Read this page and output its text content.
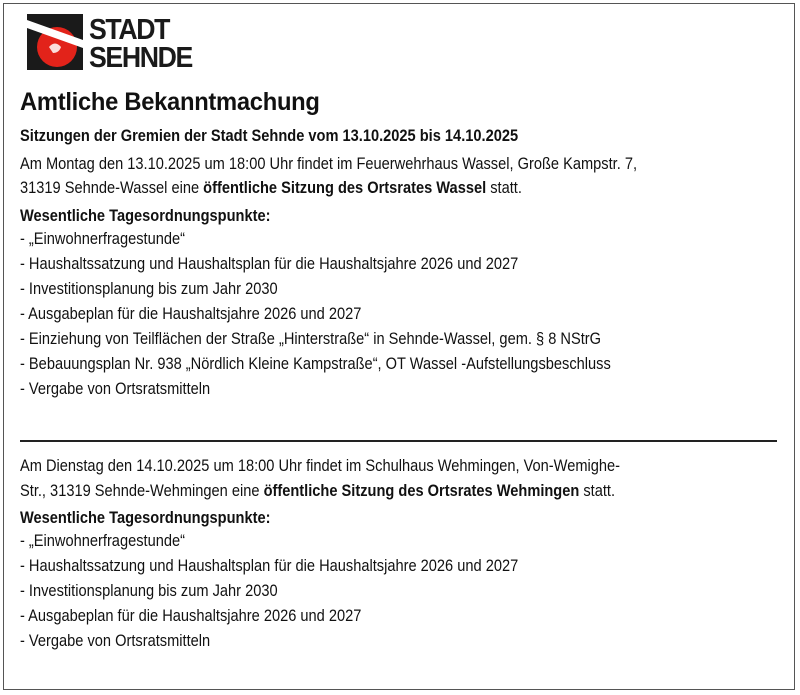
STADT
SEHNDE
Amtliche Bekanntmachung
Sitzungen der Gremien der Stadt Sehnde vom 13.10.2025 bis 14.10.2025
Am Montag den 13.10.2025 um 18:00 Uhr findet im Feuerwehrhaus Wassel, Große Kampstr. 7,
31319 Sehnde-Wassel eine öffentliche Sitzung des Ortsrates Wassel statt.
Wesentliche Tagesordnungspunkte:
- „Einwohnerfragestunde“
- Haushaltssatzung und Haushaltsplan für die Haushaltsjahre 2026 und 2027
- Investitionsplanung bis zum Jahr 2030
- Ausgabeplan für die Haushaltsjahre 2026 und 2027
- Einziehung von Teilflächen der Straße „Hinterstraße“ in Sehnde-Wassel, gem. § 8 NStrG
- Bebauungsplan Nr. 938 „Nördlich Kleine Kampstraße“, OT Wassel -Aufstellungsbeschluss
- Vergabe von Ortsratsmitteln
Am Dienstag den 14.10.2025 um 18:00 Uhr findet im Schulhaus Wehmingen, Von-Wemighe-
Str., 31319 Sehnde-Wehmingen eine öffentliche Sitzung des Ortsrates Wehmingen statt.
Wesentliche Tagesordnungspunkte:
- „Einwohnerfragestunde“
- Haushaltssatzung und Haushaltsplan für die Haushaltsjahre 2026 und 2027
- Investitionsplanung bis zum Jahr 2030
- Ausgabeplan für die Haushaltsjahre 2026 und 2027
- Vergabe von Ortsratsmitteln
